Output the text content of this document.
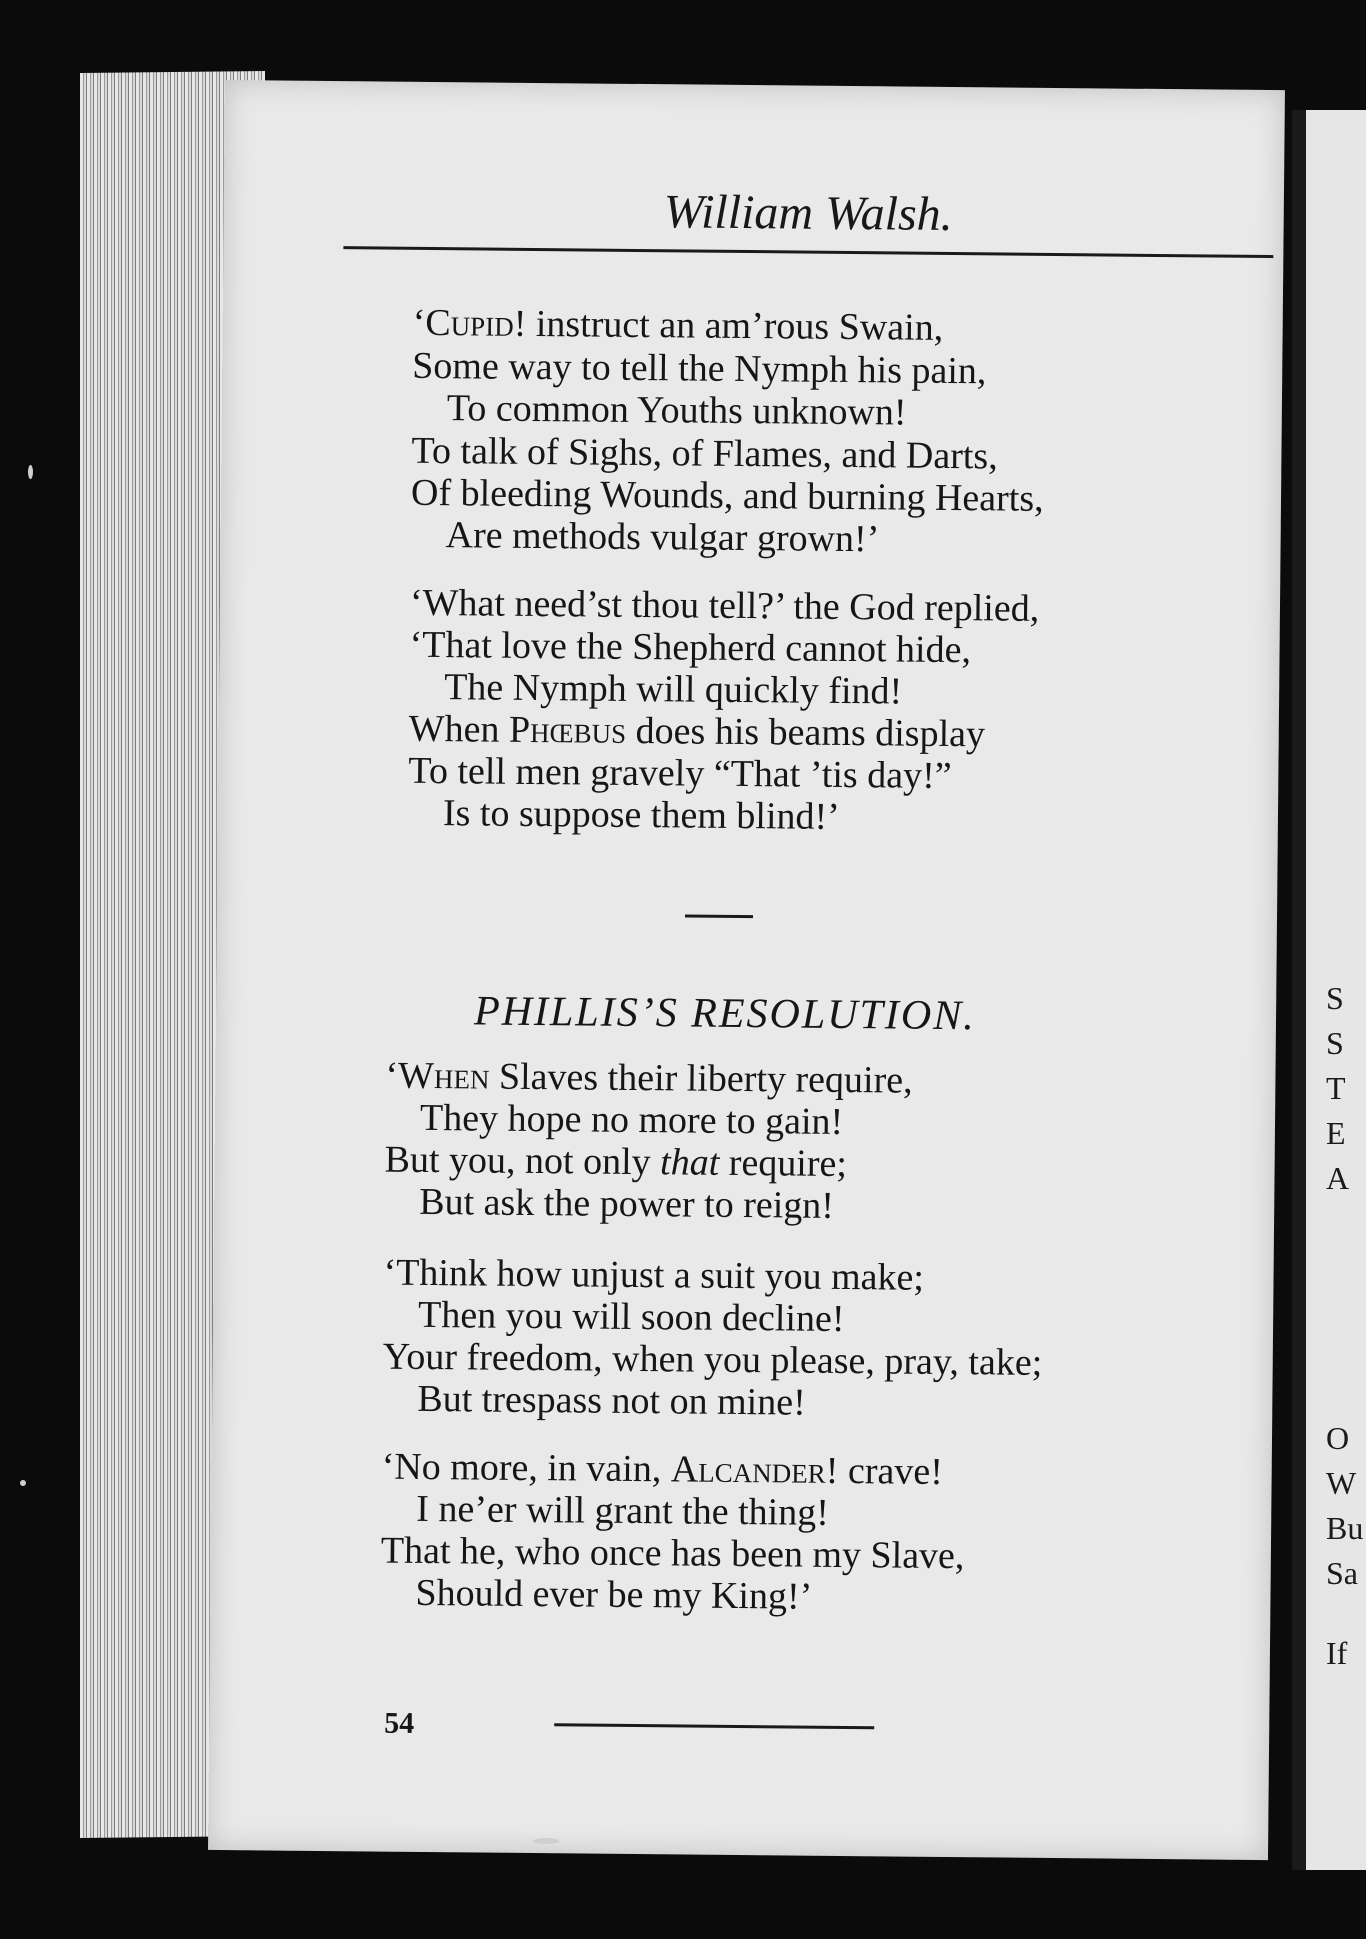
S
S
T
E
A
O
W
Bu
Sa
If
William Walsh.
‘Cupid! instruct an am’rous Swain,
Some way to tell the Nymph his pain,
To common Youths unknown!
To talk of Sighs, of Flames, and Darts,
Of bleeding Wounds, and burning Hearts,
Are methods vulgar grown!’
‘What need’st thou tell?’ the God replied,
‘That love the Shepherd cannot hide,
The Nymph will quickly find!
When Phœbus does his beams display
To tell men gravely “That ’tis day!”
Is to suppose them blind!’
PHILLIS’S RESOLUTION.
‘When Slaves their liberty require,
They hope no more to gain!
But you, not only that require;
But ask the power to reign!
‘Think how unjust a suit you make;
Then you will soon decline!
Your freedom, when you please, pray, take;
But trespass not on mine!
‘No more, in vain, Alcander! crave!
I ne’er will grant the thing!
That he, who once has been my Slave,
Should ever be my King!’
54
